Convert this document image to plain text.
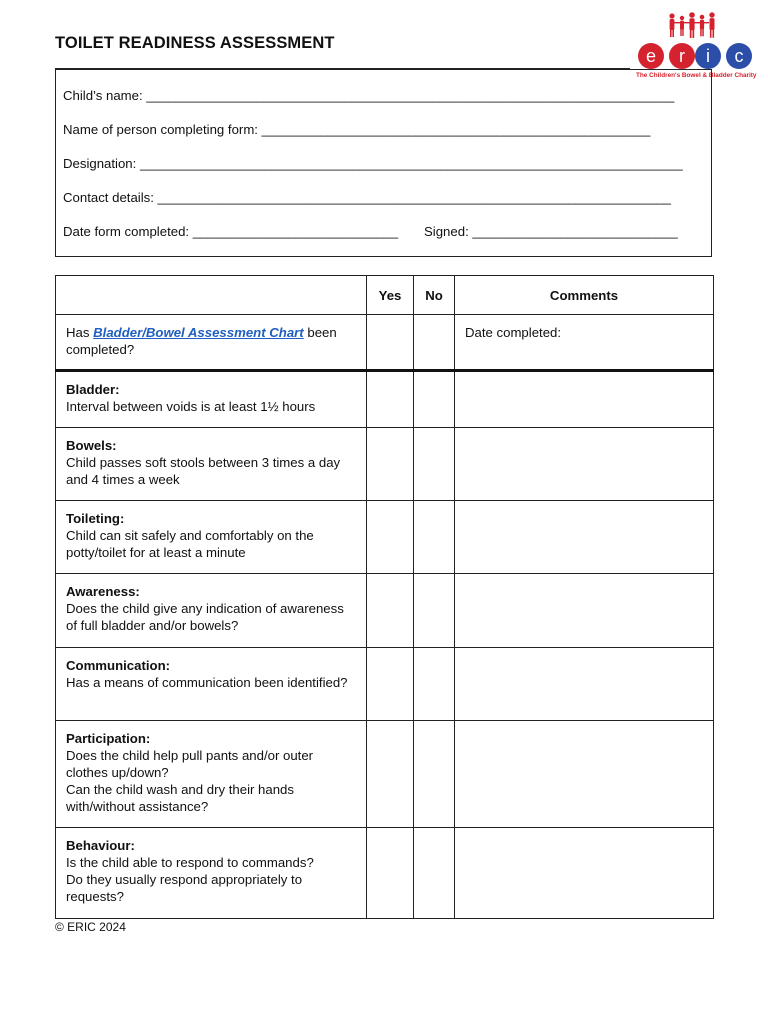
TOILET READINESS ASSESSMENT
e r i c
The Children's Bowel & Bladder Charity
Child’s name: ________________________________________________________________________
Name of person completing form: _____________________________________________________
Designation: __________________________________________________________________________
Contact details: ______________________________________________________________________
Date form completed: ____________________________ Signed: ____________________________
	Yes	No	Comments
Has Bladder/Bowel Assessment Chart been completed?			Date completed:

Bladder:
Interval between voids is at least 1½ hours			

Bowels:
Child passes soft stools between 3 times a day and 4 times a week			

Toileting:
Child can sit safely and comfortably on the potty/toilet for at least a minute			

Awareness:
Does the child give any indication of awareness of full bladder and/or bowels?			

Communication:
Has a means of communication been identified?			

Participation:
Does the child help pull pants and/or outer clothes up/down?
Can the child wash and dry their hands with/without assistance?			

Behaviour:
Is the child able to respond to commands?
Do they usually respond appropriately to requests?			

© ERIC 2024
